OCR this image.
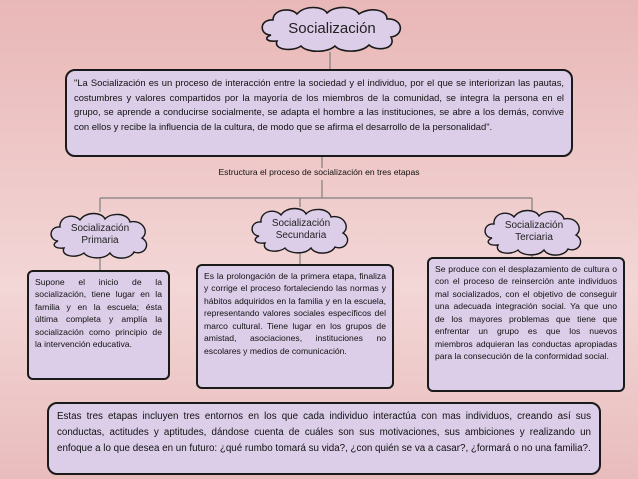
Socialización
"La Socialización es un proceso de interacción entre la sociedad y el individuo, por el que se interiorizan las pautas, costumbres y valores compartidos por la mayoría de los miembros de la comunidad, se integra la persona en el grupo, se aprende a conducirse socialmente, se adapta el hombre a las instituciones, se abre a los demás, convive con ellos y recibe la influencia de la cultura, de modo que se afirma el desarrollo de la personalidad".
Estructura el proceso de socialización en tres etapas
Socialización
Primaria
Socialización
Secundaria
Socialización
Terciaria
Supone el inicio de la socialización, tiene lugar en la familia y en la escuela; ésta última completa y amplía la socialización como principio de la intervención educativa.
Es la prolongación de la primera etapa, finaliza y corrige el proceso fortaleciendo las normas y hábitos adquiridos en la familia y en la escuela, representando valores sociales específicos del marco cultural. Tiene lugar en los grupos de amistad, asociaciones, instituciones no escolares y medios de comunicación.
Se produce con el desplazamiento de cultura o con el proceso de reinserción ante individuos mal socializados, con el objetivo de conseguir una adecuada integración social. Ya que uno de los mayores problemas que tiene que enfrentar un grupo es que los nuevos miembros adquieran las conductas apropiadas para la consecución de la conformidad social.
Estas tres etapas incluyen tres entornos en los que cada individuo interactúa con mas individuos, creando así sus conductas, actitudes y aptitudes, dándose cuenta de cuáles son sus motivaciones, sus ambiciones y realizando un enfoque a lo que desea en un futuro: ¿qué rumbo tomará su vida?, ¿con quién se va a casar?, ¿formará o no una familia?.
